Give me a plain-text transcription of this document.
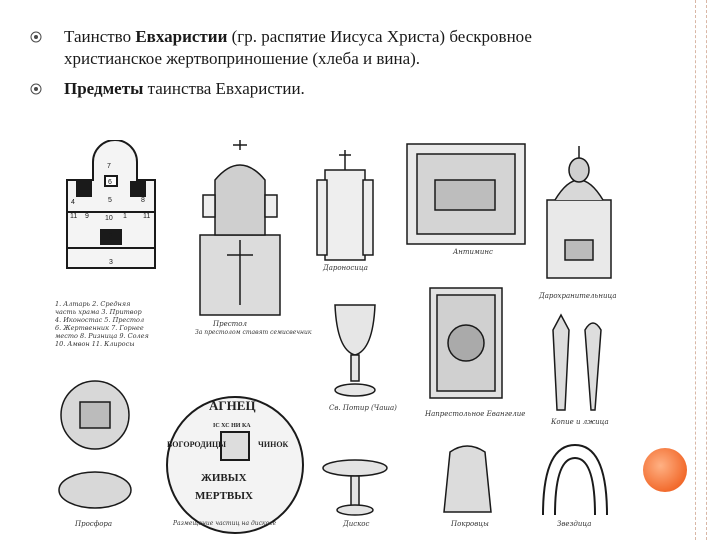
Таинство Евхаристии (гр. распятие Иисуса Христа) бескровное христианское жертвоприношение (хлеба и вина).
Предметы таинства Евхаристии.
7
6
5	8
4
11 9 10	11
1
2
3
1. Алтарь 2. Средняя
часть храма 3. Притвор
4. Иконостас 5. Престол
6. Жертвенник 7. Горнее
место 8. Ризница 9. Солея
10. Амвон 11. Клиросы
АГНЕЦ
БОГОРОДИЦЫ	ЧИНОК
ІС ХС НИ КА
ЖИВЫХ
МЕРТВЫХ
Престол
За престолом ставят семисвечник
Дароносица
Антиминс
Дарохранительница
Св. Потир (Чаша)
Напрестольное Евангелие
Копие и лжица
Просфора	Размещение частиц на дискосе	Дискос	Покровцы	Звездица
